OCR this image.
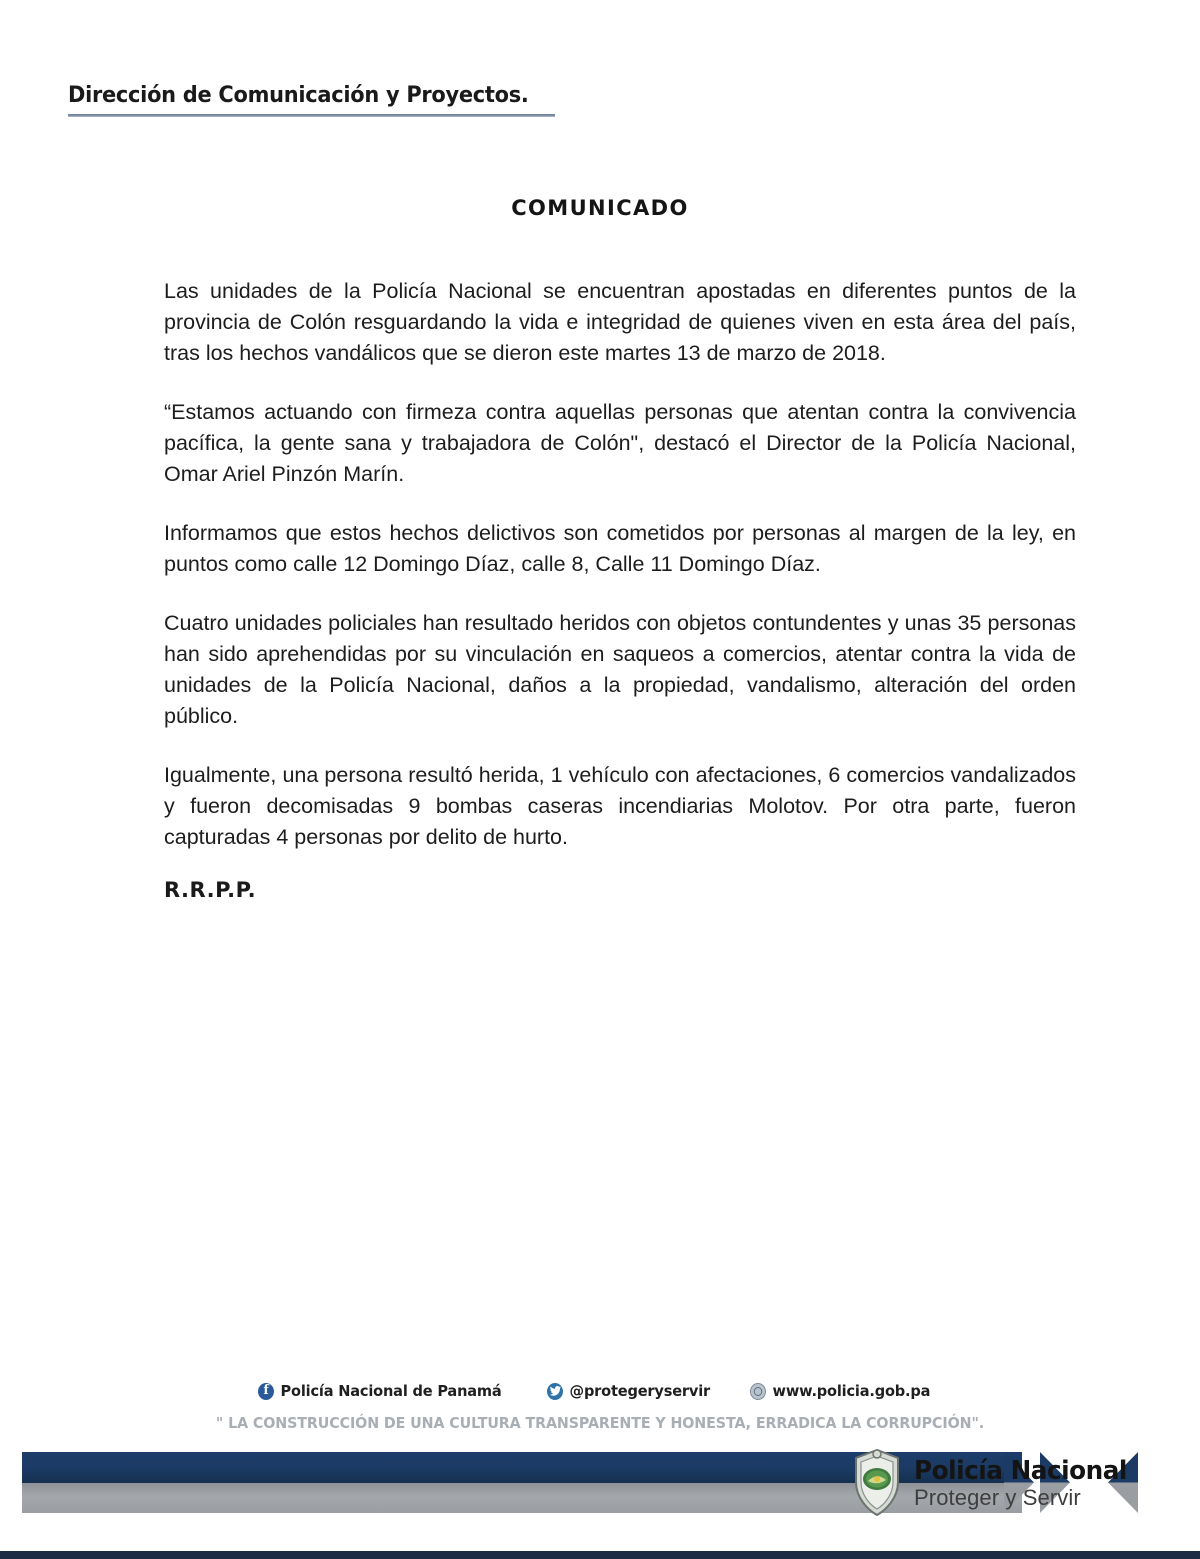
Dirección de Comunicación y Proyectos.
COMUNICADO

Las unidades de la Policía Nacional se encuentran apostadas en diferentes puntos de la provincia de Colón resguardando la vida e integridad de quienes viven en esta área del país, tras los hechos vandálicos que se dieron este martes 13 de marzo de 2018.

“Estamos actuando con firmeza contra aquellas personas que atentan contra la convivencia pacífica, la gente sana y trabajadora de Colón", destacó el Director de la Policía Nacional, Omar Ariel Pinzón Marín.

Informamos que estos hechos delictivos son cometidos por personas al margen de la ley, en puntos como calle 12 Domingo Díaz, calle 8, Calle 11 Domingo Díaz.

Cuatro unidades policiales han resultado heridos con objetos contundentes y unas 35 personas han sido aprehendidas por su vinculación en saqueos a comercios, atentar contra la vida de unidades de la Policía Nacional, daños a la propiedad, vandalismo, alteración del orden público.

Igualmente, una persona resultó herida, 1 vehículo con afectaciones, 6 comercios vandalizados y fueron decomisadas 9 bombas caseras incendiarias Molotov. Por otra parte, fueron capturadas 4 personas por delito de hurto.

R.R.P.P.
f Policía Nacional de Panamá	@protegeryservir	www.policia.gob.pa
" LA CONSTRUCCIÓN DE UNA CULTURA TRANSPARENTE Y HONESTA, ERRADICA LA CORRUPCIÓN".
Policía Nacional
Proteger y Servir
